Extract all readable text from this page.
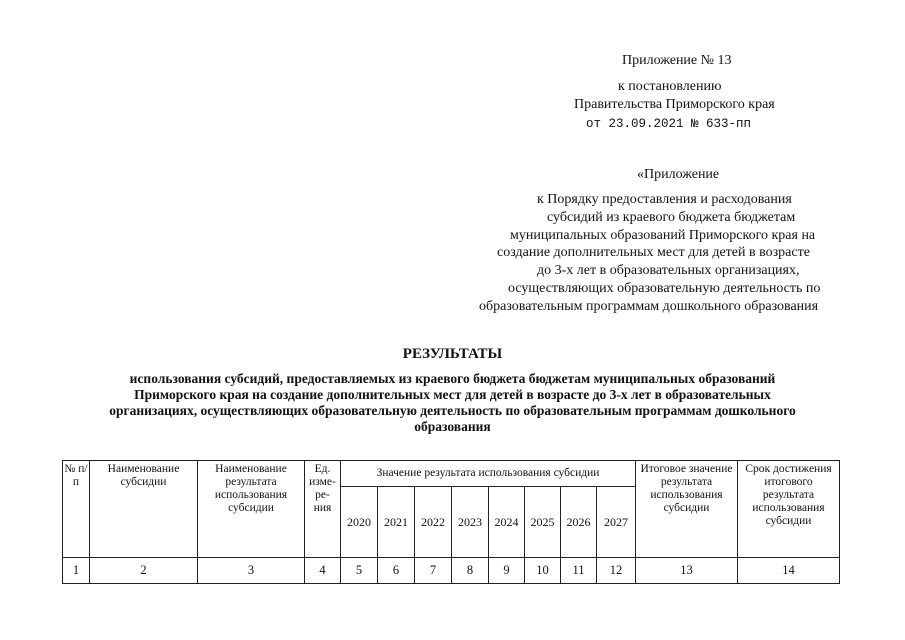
Приложение № 13
к постановлению
Правительства Приморского края
от 23.09.2021 № 633-пп
«Приложение
к Порядку предоставления и расходования
субсидий из краевого бюджета бюджетам
муниципальных образований Приморского края на
создание дополнительных мест для детей в возрасте
до 3-х лет в образовательных организациях,
осуществляющих образовательную деятельность по
образовательным программам дошкольного образования
РЕЗУЛЬТАТЫ
использования субсидий, предоставляемых из краевого бюджета бюджетам муниципальных образований
Приморского края на создание дополнительных мест для детей в возрасте до 3-х лет в образовательных
организациях, осуществляющих образовательную деятельность по образовательным программам дошкольного
образования
№ п/п	Наименование субсидии	Наименование результата использования субсидии	Ед. изме- ре- ния	Значение результата использования субсидии								Итоговое значение результата использования субсидии	Срок достижения итогового результата использования субсидии
				2020	2021	2022	2023	2024	2025	2026	2027		
1	2	3	4	5	6	7	8	9	10	11	12	13	14
